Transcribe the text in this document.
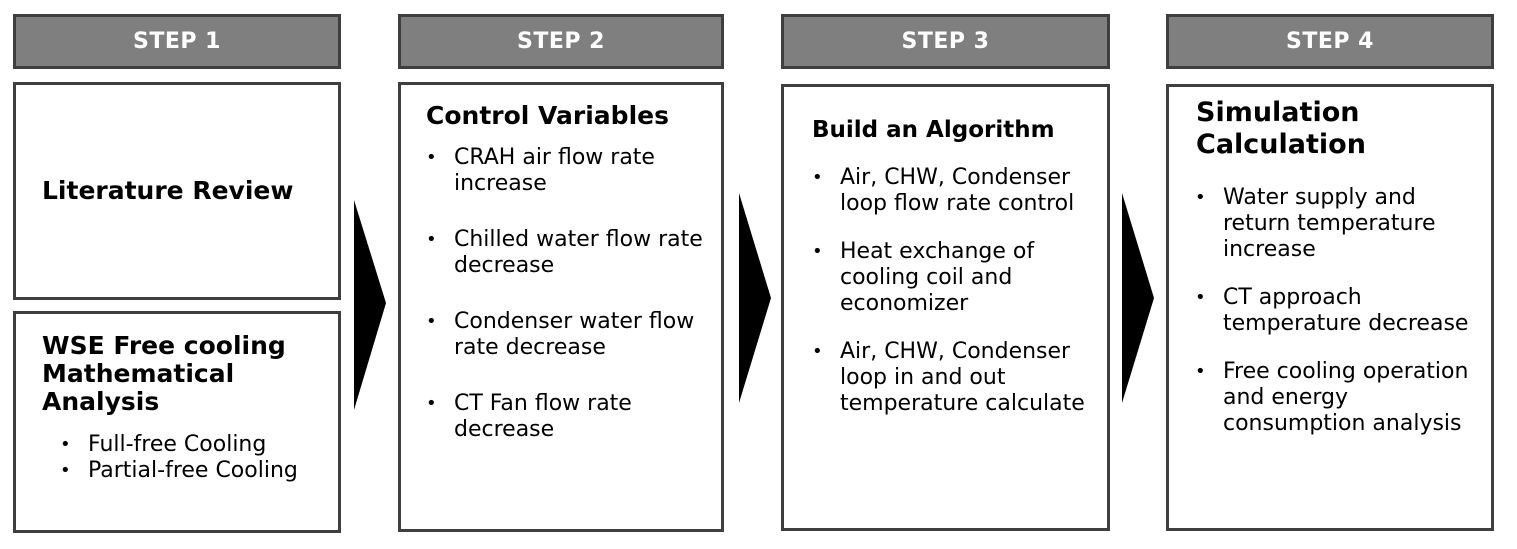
STEP 1	STEP 2	STEP 3	STEP 4
Literature Review
WSE Free cooling Mathematical Analysis
• Full-free Cooling
• Partial-free Cooling
Control Variables
• CRAH air flow rate increase
• Chilled water flow rate decrease
• Condenser water flow rate decrease
• CT Fan flow rate decrease
Build an Algorithm
• Air, CHW, Condenser loop flow rate control
• Heat exchange of cooling coil and economizer
• Air, CHW, Condenser loop in and out temperature calculate
Simulation Calculation
• Water supply and return temperature increase
• CT approach temperature decrease
• Free cooling operation and energy consumption analysis
